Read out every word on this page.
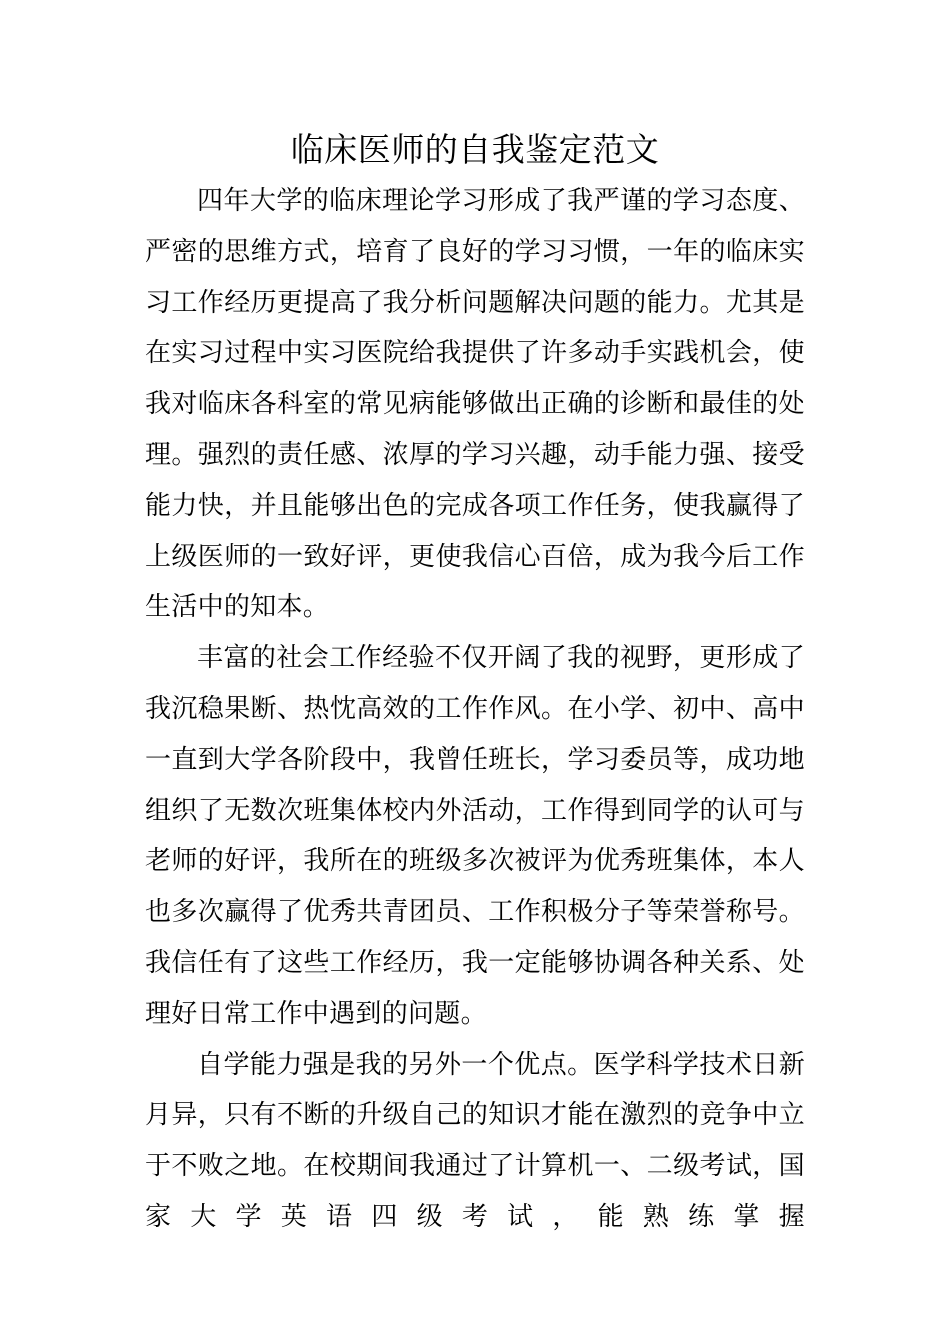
临床医师的自我鉴定范文

四年大学的临床理论学习形成了我严谨的学习态度、严密的思维方式，培育了良好的学习习惯，一年的临床实习工作经历更提高了我分析问题解决问题的能力。尤其是在实习过程中实习医院给我提供了许多动手实践机会，使我对临床各科室的常见病能够做出正确的诊断和最佳的处理。强烈的责任感、浓厚的学习兴趣，动手能力强、接受能力快，并且能够出色的完成各项工作任务，使我赢得了上级医师的一致好评，更使我信心百倍，成为我今后工作生活中的知本。

丰富的社会工作经验不仅开阔了我的视野，更形成了我沉稳果断、热忱高效的工作作风。在小学、初中、高中一直到大学各阶段中，我曾任班长，学习委员等，成功地组织了无数次班集体校内外活动，工作得到同学的认可与老师的好评，我所在的班级多次被评为优秀班集体，本人也多次赢得了优秀共青团员、工作积极分子等荣誉称号。我信任有了这些工作经历，我一定能够协调各种关系、处理好日常工作中遇到的问题。

自学能力强是我的另外一个优点。医学科学技术日新月异，只有不断的升级自己的知识才能在激烈的竞争中立于不败之地。在校期间我通过了计算机一、二级考试，国家大学英语四级考试，能熟练掌握
